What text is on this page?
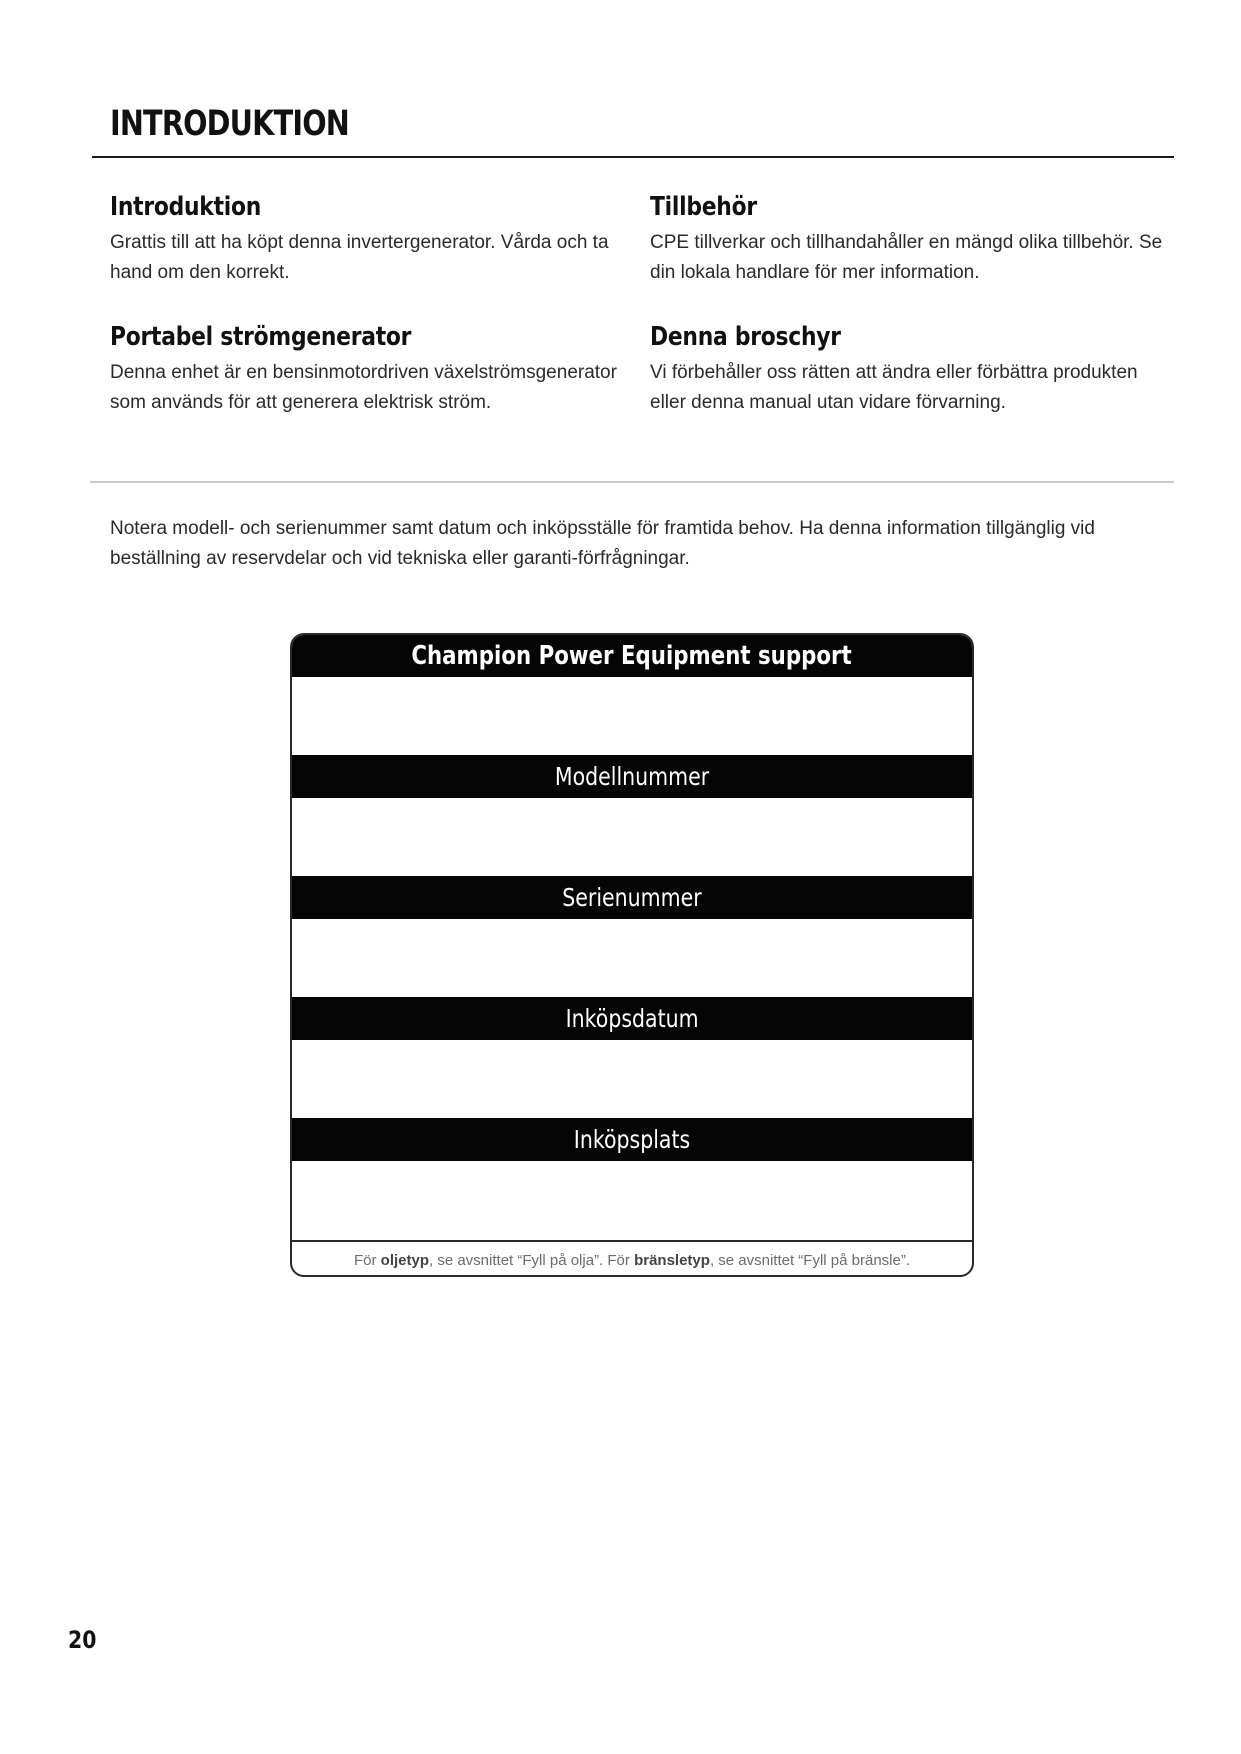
INTRODUKTION
Introduktion

Grattis till att ha köpt denna invertergenerator. Vårda och ta hand om den korrekt.

Tillbehör

CPE tillverkar och tillhandahåller en mängd olika tillbehör. Se din lokala handlare för mer information.

Portabel strömgenerator

Denna enhet är en bensinmotordriven växelströmsgenerator som används för att generera elektrisk ström.

Denna broschyr

Vi förbehåller oss rätten att ändra eller förbättra produkten eller denna manual utan vidare förvarning.

Notera modell- och serienummer samt datum och inköpsställe för framtida behov. Ha denna information tillgänglig vid beställning av reservdelar och vid tekniska eller garanti-förfrågningar.

Champion Power Equipment support
Modellnummer
Serienummer
Inköpsdatum
Inköpsplats
För oljetyp, se avsnittet “Fyll på olja”. För bränsletyp, se avsnittet “Fyll på bränsle”.
20
